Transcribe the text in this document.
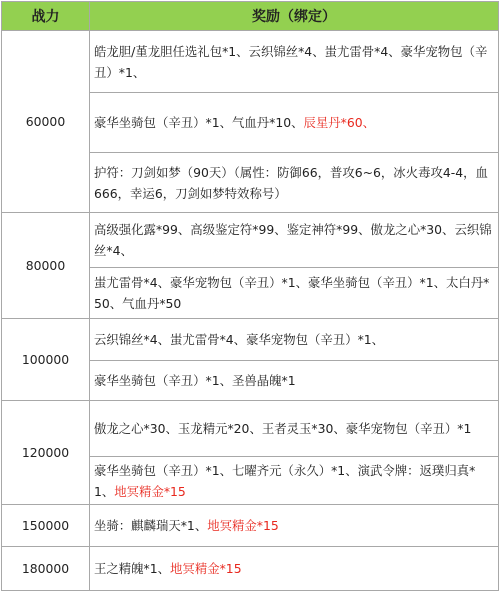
战力	奖励（绑定）
60000	皓龙胆/堇龙胆任选礼包*1、云织锦丝*4、蚩尤雷骨*4、豪华宠物包（辛丑）*1、
	豪华坐骑包（辛丑）*1、气血丹*10、辰星丹*60、
	护符：刀剑如梦（90天）（属性：防御66，普攻6~6，冰火毒攻4-4，血666，幸运6，刀剑如梦特效称号）
80000	高级强化露*99、高级鉴定符*99、鉴定神符*99、傲龙之心*30、云织锦丝*4、
	蚩尤雷骨*4、豪华宠物包（辛丑）*1、豪华坐骑包（辛丑）*1、太白丹*50、气血丹*50
100000	云织锦丝*4、蚩尤雷骨*4、豪华宠物包（辛丑）*1、
	豪华坐骑包（辛丑）*1、圣兽晶魄*1
120000	傲龙之心*30、玉龙精元*20、王者灵玉*30、豪华宠物包（辛丑）*1
	豪华坐骑包（辛丑）*1、七曜齐元（永久）*1、演武令牌：返璞归真*1、地冥精金*15
150000	坐骑：麒麟瑞天*1、地冥精金*15
180000	王之精魄*1、地冥精金*15
